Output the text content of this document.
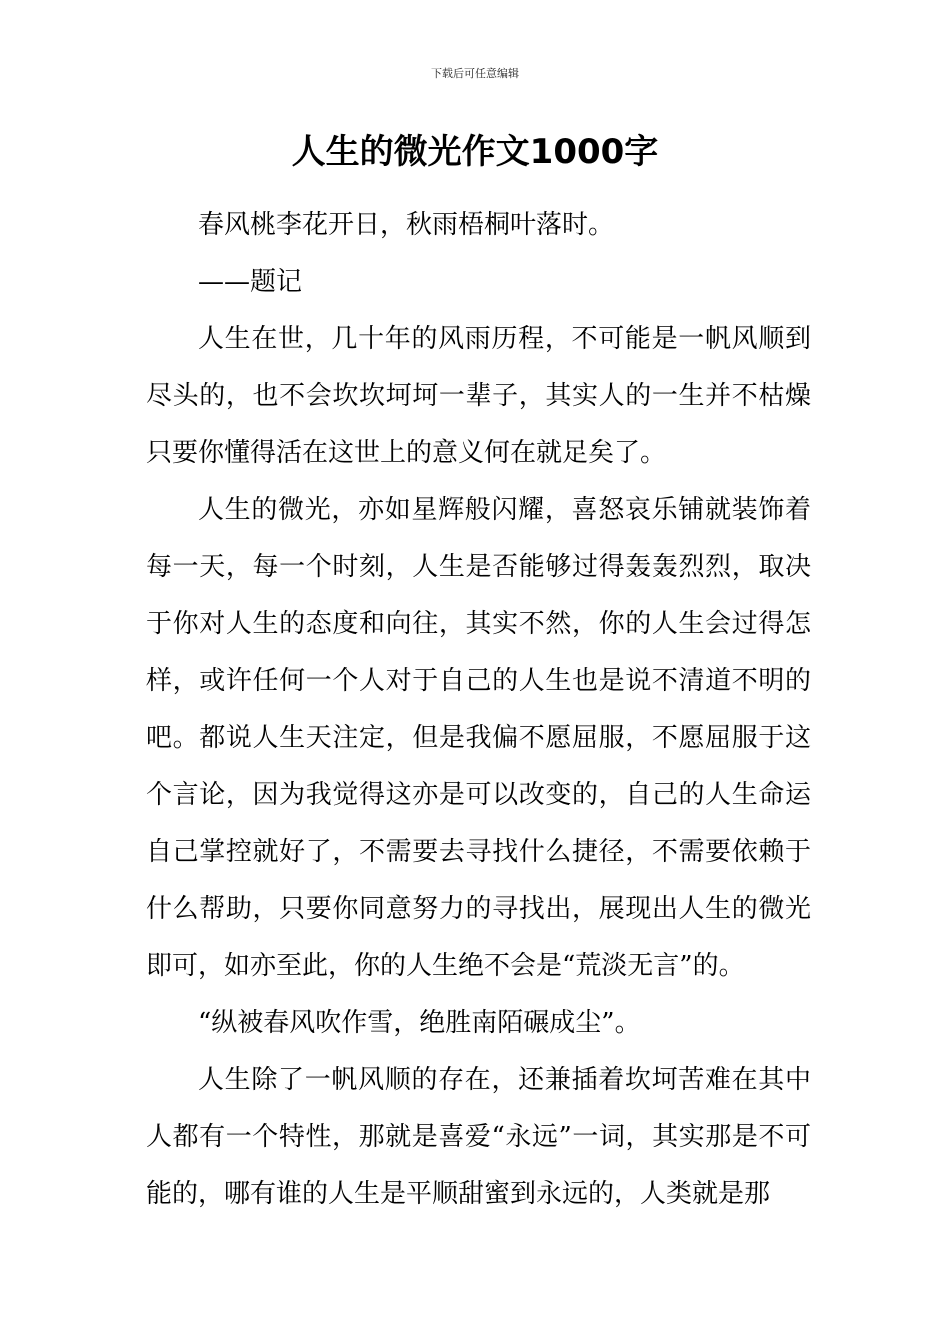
下载后可任意编辑
人生的微光作文1000字

春风桃李花开日，秋雨梧桐叶落时。

——题记

人生在世，几十年的风雨历程，不可能是一帆风顺到尽头的，也不会坎坎坷坷一辈子，其实人的一生并不枯燥只要你懂得活在这世上的意义何在就足矣了。

人生的微光，亦如星辉般闪耀，喜怒哀乐铺就装饰着每一天，每一个时刻，人生是否能够过得轰轰烈烈，取决于你对人生的态度和向往，其实不然，你的人生会过得怎样，或许任何一个人对于自己的人生也是说不清道不明的吧。都说人生天注定，但是我偏不愿屈服，不愿屈服于这个言论，因为我觉得这亦是可以改变的，自己的人生命运自己掌控就好了，不需要去寻找什么捷径，不需要依赖于什么帮助，只要你同意努力的寻找出，展现出人生的微光即可，如亦至此，你的人生绝不会是“荒淡无言”的。

“纵被春风吹作雪，绝胜南陌碾成尘”。

人生除了一帆风顺的存在，还兼插着坎坷苦难在其中人都有一个特性，那就是喜爱“永远”一词，其实那是不可能的，哪有谁的人生是平顺甜蜜到永远的，人类就是那
